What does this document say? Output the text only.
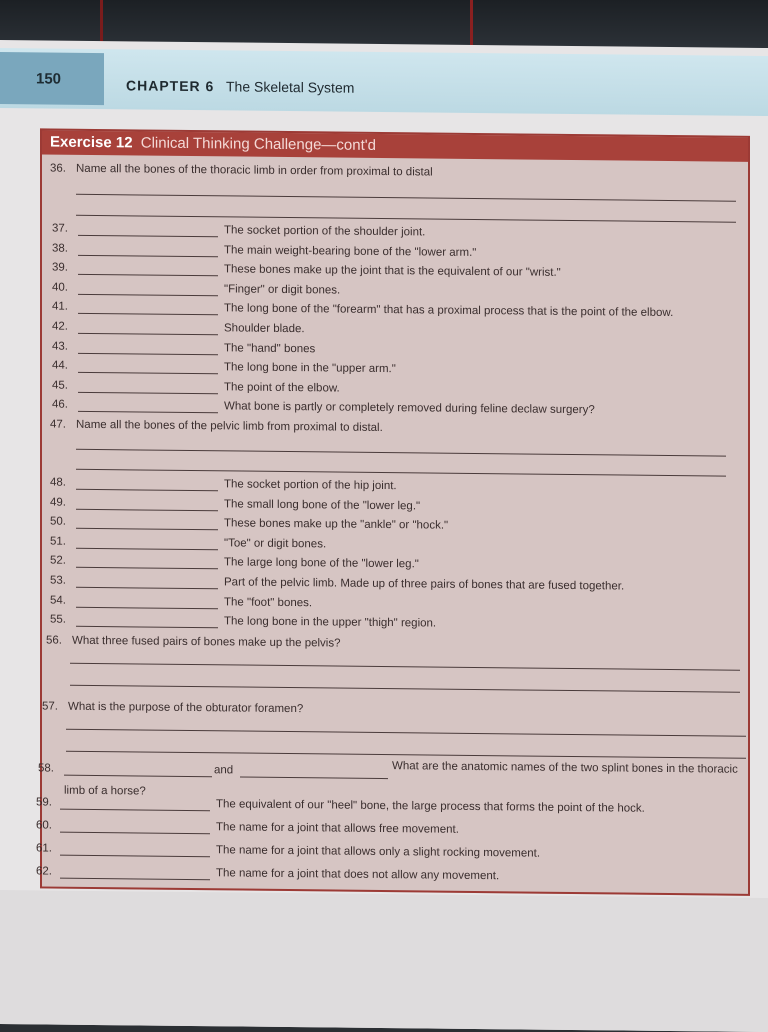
150	CHAPTER 6 The Skeletal System
Exercise 12 Clinical Thinking Challenge—cont'd
36. Name all the bones of the thoracic limb in order from proximal to distal
37.	The socket portion of the shoulder joint.
38.	The main weight-bearing bone of the "lower arm."
39.	These bones make up the joint that is the equivalent of our "wrist."
40.	"Finger" or digit bones.
41.	The long bone of the "forearm" that has a proximal process that is the point of the elbow.
42.	Shoulder blade.
43.	The "hand" bones
44.	The long bone in the "upper arm."
45.	The point of the elbow.
46.	What bone is partly or completely removed during feline declaw surgery?
47. Name all the bones of the pelvic limb from proximal to distal.
48.	The socket portion of the hip joint.
49.	The small long bone of the "lower leg."
50.	These bones make up the "ankle" or "hock."
51.	"Toe" or digit bones.
52.	The large long bone of the "lower leg."
53.	Part of the pelvic limb. Made up of three pairs of bones that are fused together.
54.	The "foot" bones.
55.	The long bone in the upper "thigh" region.
56. What three fused pairs of bones make up the pelvis?
57. What is the purpose of the obturator foramen?
58.	and	What are the anatomic names of the two splint bones in the thoracic
limb of a horse?
59.	The equivalent of our "heel" bone, the large process that forms the point of the hock.
60.	The name for a joint that allows free movement.
61.	The name for a joint that allows only a slight rocking movement.
62.	The name for a joint that does not allow any movement.
